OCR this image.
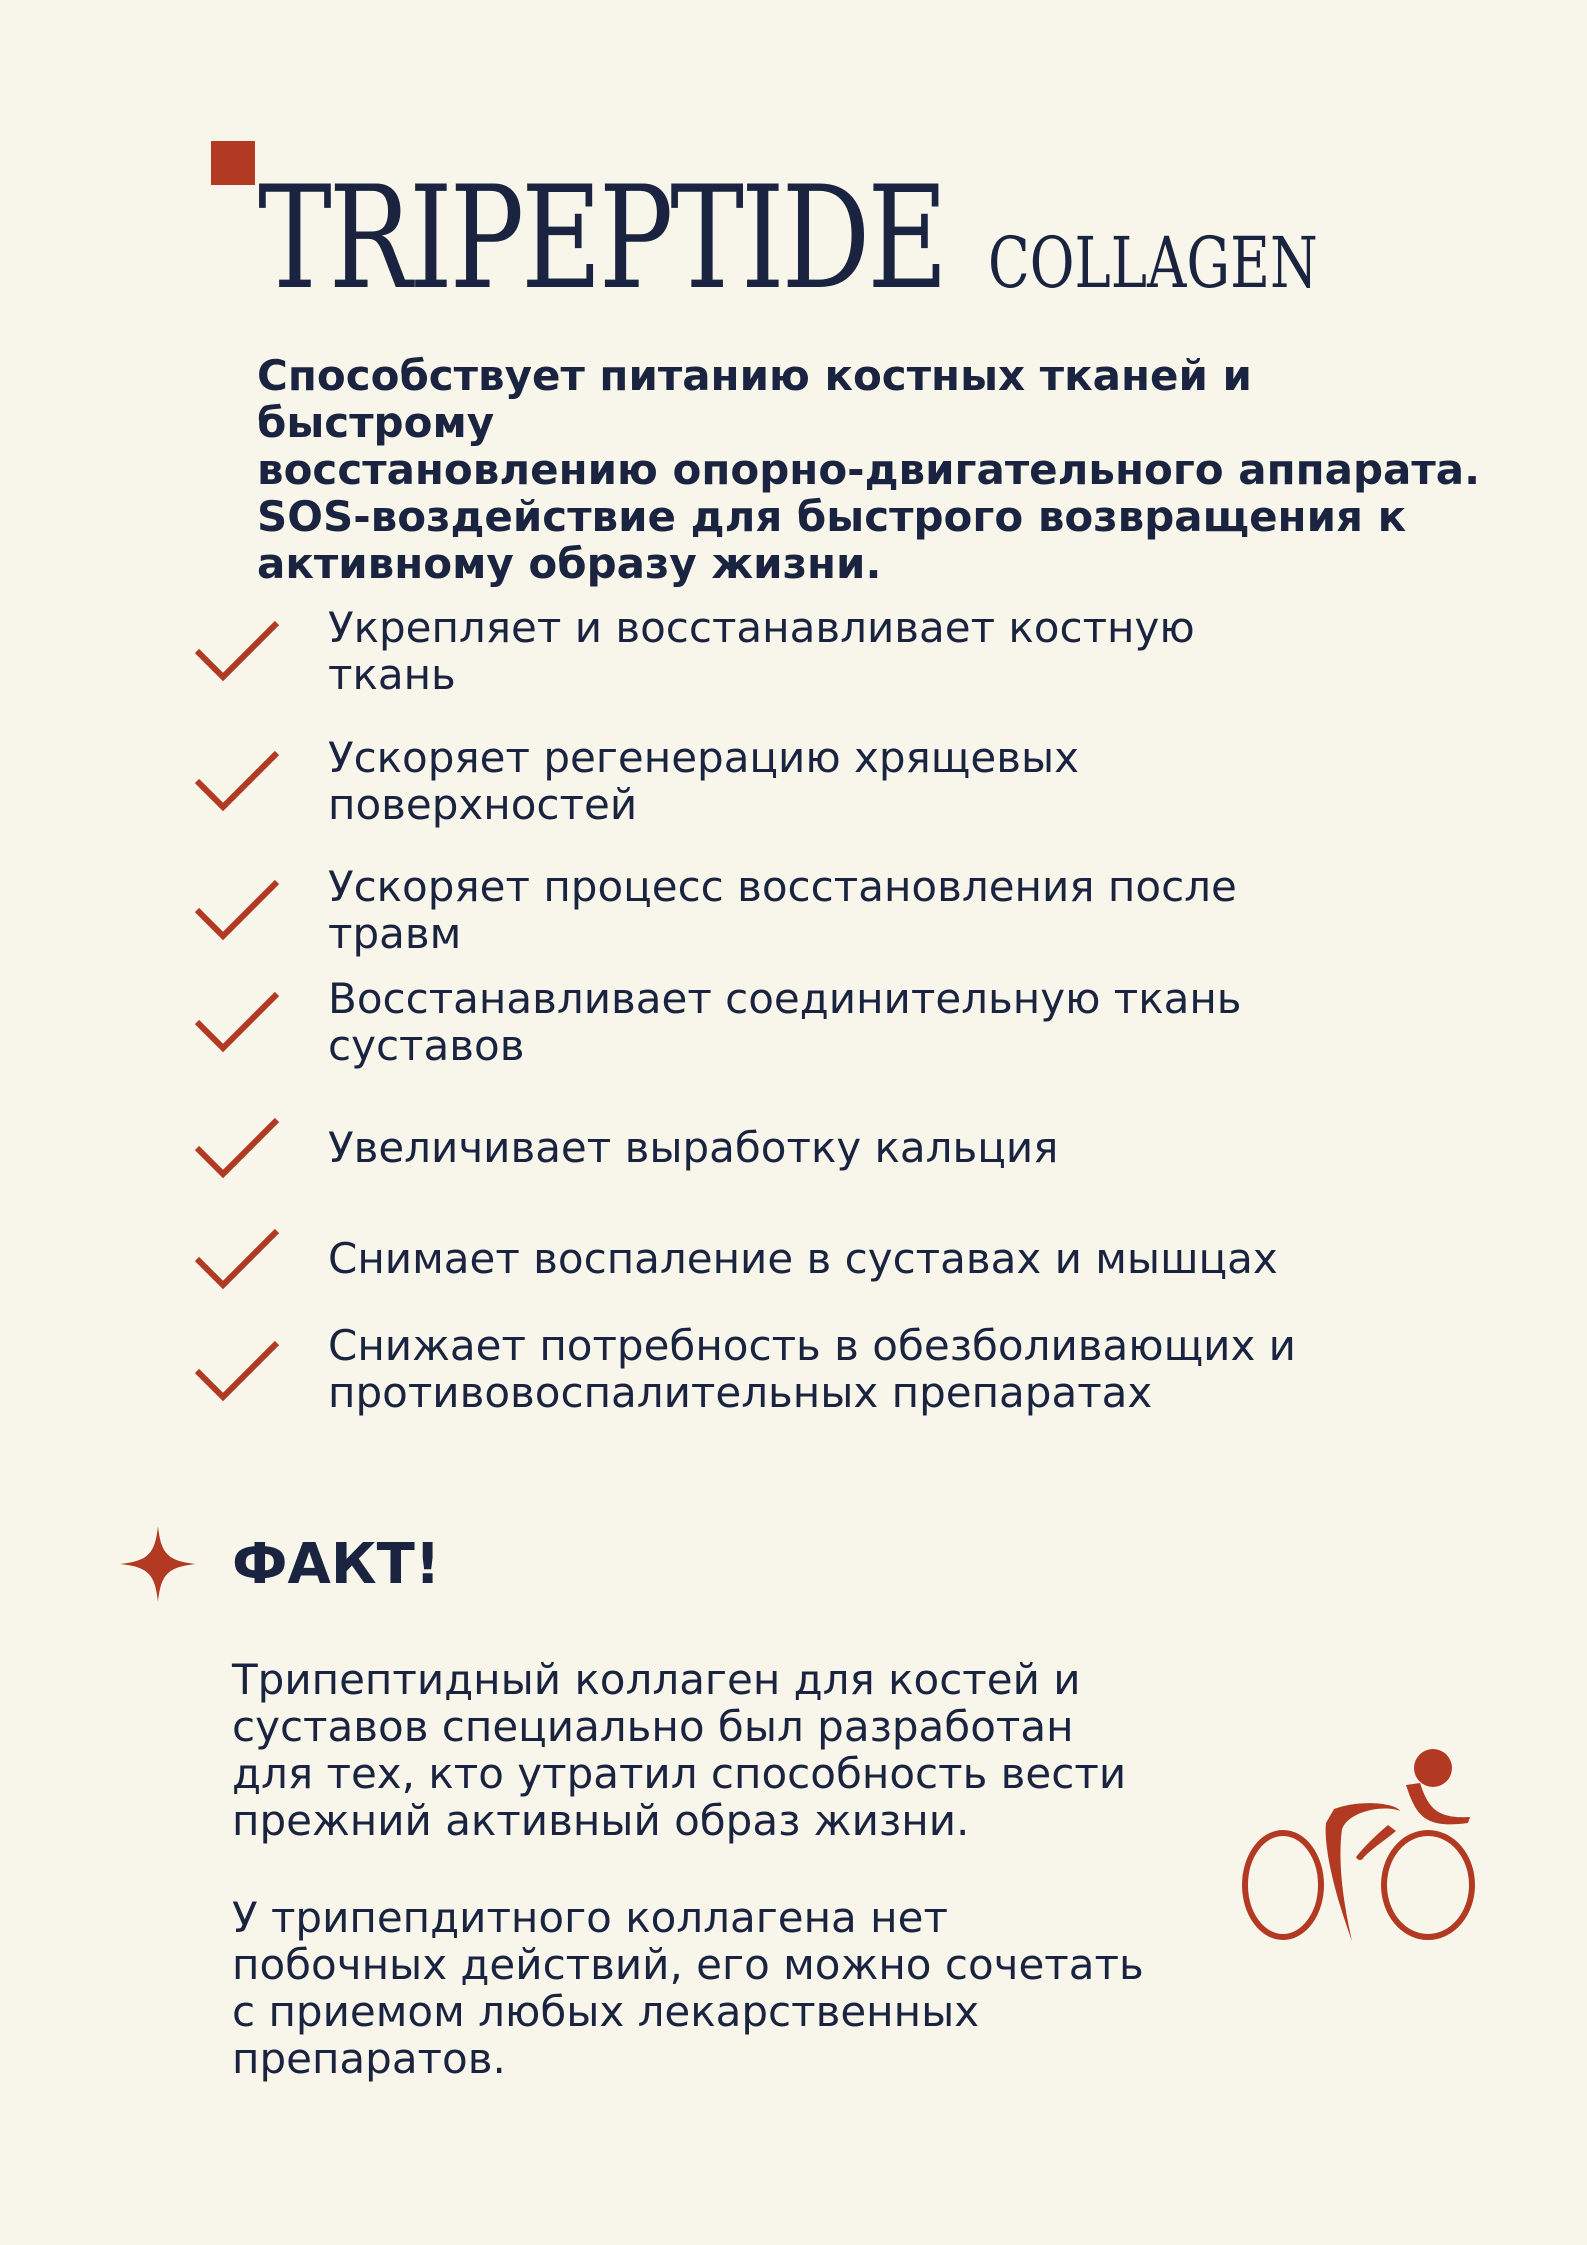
TRIPEPTIDE COLLAGEN
Способствует питанию костных тканей и быстрому
восстановлению опорно-двигательного аппарата.
SOS-воздействие для быстрого возвращения к
активному образу жизни.
Укрепляет и восстанавливает костную
ткань
Ускоряет регенерацию хрящевых
поверхностей
Ускоряет процесс восстановления после
травм
Восстанавливает соединительную ткань
суставов
Увеличивает выработку кальция
Снимает воспаление в суставах и мышцах
Снижает потребность в обезболивающих и
противовоспалительных препаратах
ФАКТ!
Трипептидный коллаген для костей и
суставов специально был разработан
для тех, кто утратил способность вести
прежний активный образ жизни.
У трипепдитного коллагена нет
побочных действий, его можно сочетать
с приемом любых лекарственных
препаратов.
